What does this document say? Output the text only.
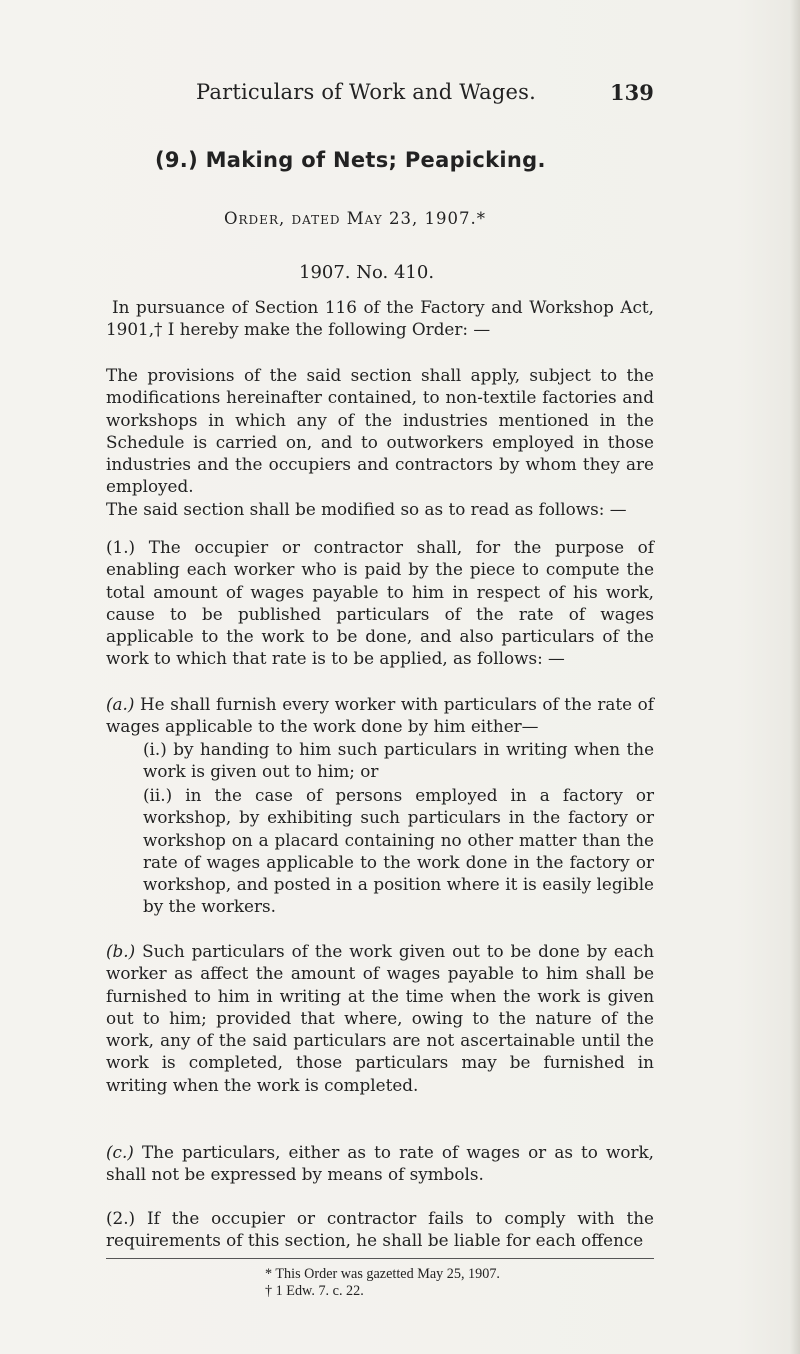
Particulars of Work and Wages.	139
(9.) Making of Nets; Peapicking.
Order, dated May 23, 1907.*
1907. No. 410.
In pursuance of Section 116 of the Factory and Workshop Act, 1901,† I hereby make the following Order: —
The provisions of the said section shall apply, subject to the modifications hereinafter contained, to non-textile factories and workshops in which any of the industries mentioned in the Schedule is carried on, and to outworkers employed in those industries and the occupiers and contractors by whom they are employed.
The said section shall be modified so as to read as follows: —
(1.) The occupier or contractor shall, for the purpose of enabling each worker who is paid by the piece to compute the total amount of wages payable to him in respect of his work, cause to be published particulars of the rate of wages applicable to the work to be done, and also particulars of the work to which that rate is to be applied, as follows: —
(a.) He shall furnish every worker with particulars of the rate of wages applicable to the work done by him either—
(i.) by handing to him such particulars in writing when the work is given out to him; or
(ii.) in the case of persons employed in a factory or workshop, by exhibiting such particulars in the factory or workshop on a placard containing no other matter than the rate of wages applicable to the work done in the factory or workshop, and posted in a position where it is easily legible by the workers.
(b.) Such particulars of the work given out to be done by each worker as affect the amount of wages payable to him shall be furnished to him in writing at the time when the work is given out to him; provided that where, owing to the nature of the work, any of the said particulars are not ascertainable until the work is completed, those particulars may be furnished in writing when the work is completed.
(c.) The particulars, either as to rate of wages or as to work, shall not be expressed by means of symbols.
(2.) If the occupier or contractor fails to comply with the requirements of this section, he shall be liable for each offence
* This Order was gazetted May 25, 1907.
† 1 Edw. 7. c. 22.
